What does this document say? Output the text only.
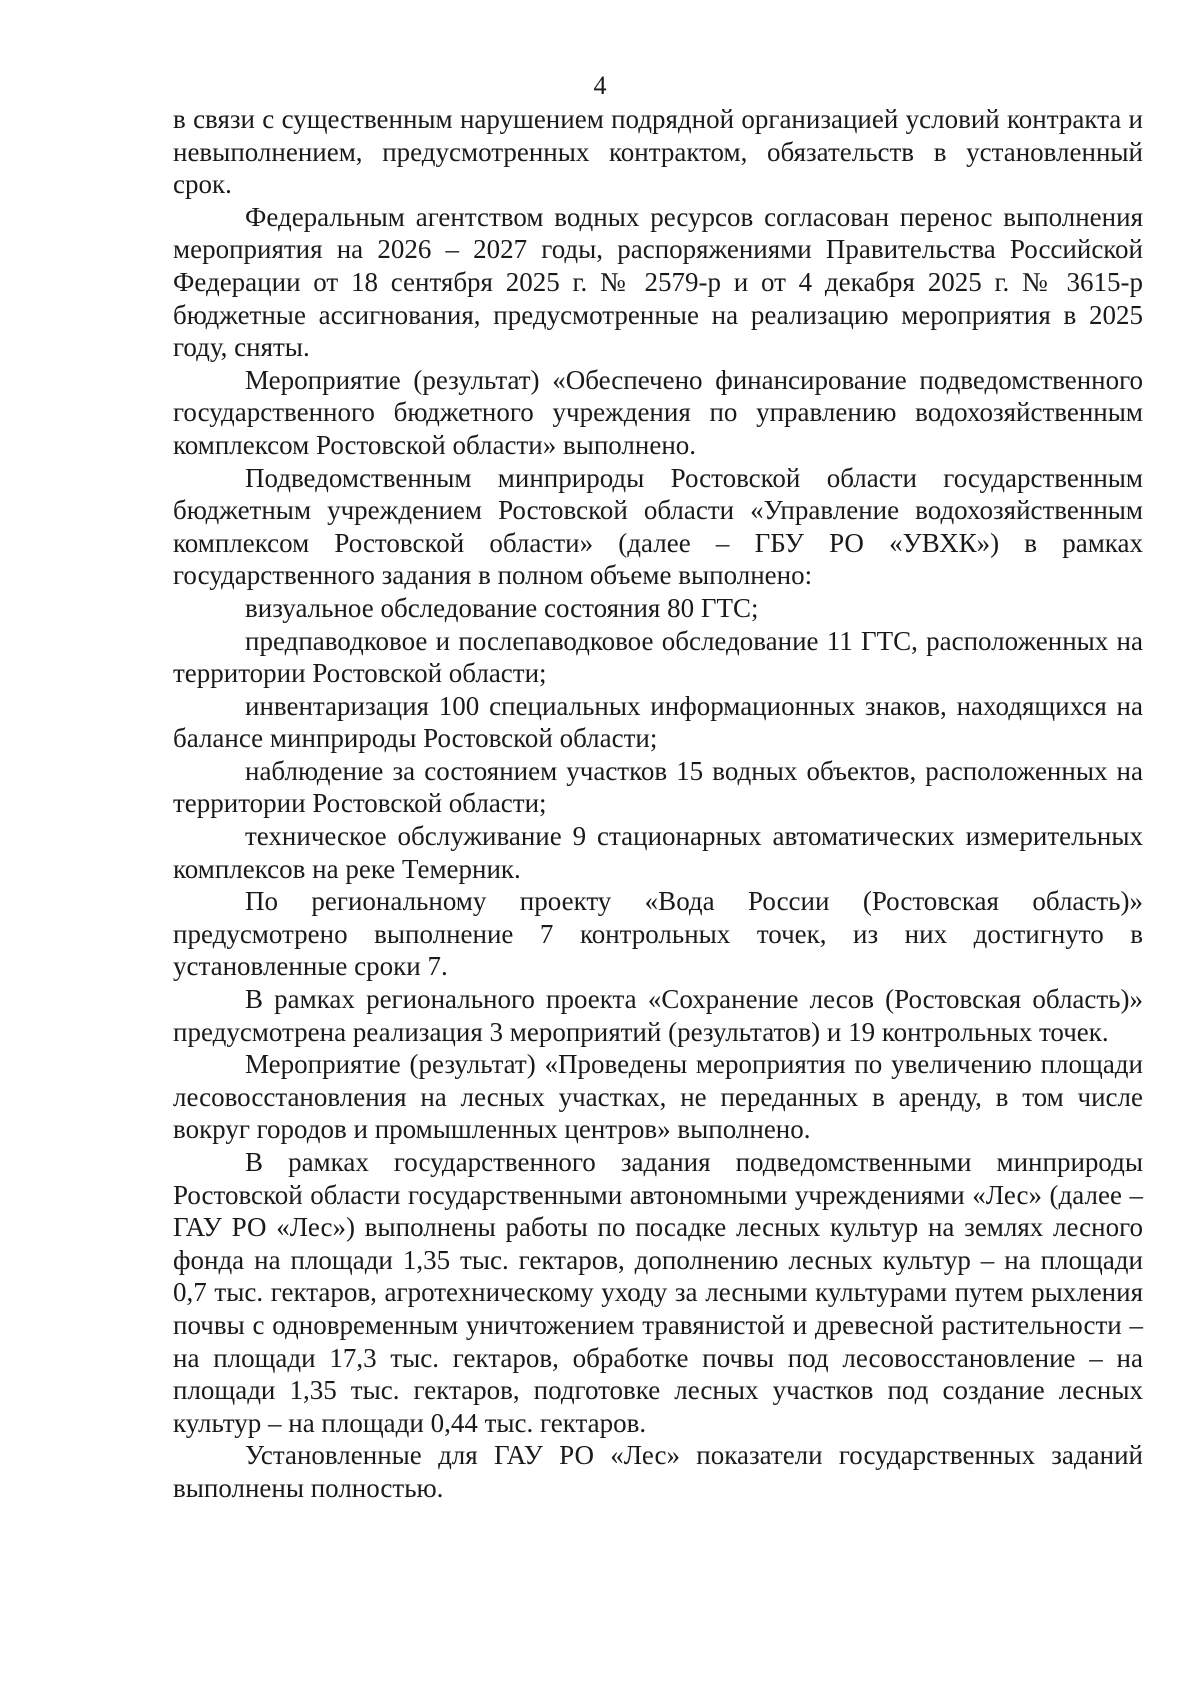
4

в связи с существенным нарушением подрядной организацией условий контракта и невыполнением, предусмотренных контрактом, обязательств в установленный срок.

Федеральным агентством водных ресурсов согласован перенос выполнения мероприятия на 2026 – 2027 годы, распоряжениями Правительства Российской Федерации от 18 сентября 2025 г. № 2579-р и от 4 декабря 2025 г. № 3615-р бюджетные ассигнования, предусмотренные на реализацию мероприятия в 2025 году, сняты.

Мероприятие (результат) «Обеспечено финансирование подведомственного государственного бюджетного учреждения по управлению водохозяйственным комплексом Ростовской области» выполнено.

Подведомственным минприроды Ростовской области государственным бюджетным учреждением Ростовской области «Управление водохозяйственным комплексом Ростовской области» (далее – ГБУ РО «УВХК») в рамках государственного задания в полном объеме выполнено:

визуальное обследование состояния 80 ГТС;

предпаводковое и послепаводковое обследование 11 ГТС, расположенных на территории Ростовской области;

инвентаризация 100 специальных информационных знаков, находящихся на балансе минприроды Ростовской области;

наблюдение за состоянием участков 15 водных объектов, расположенных на территории Ростовской области;

техническое обслуживание 9 стационарных автоматических измерительных комплексов на реке Темерник.

По региональному проекту «Вода России (Ростовская область)» предусмотрено выполнение 7 контрольных точек, из них достигнуто в установленные сроки 7.

В рамках регионального проекта «Сохранение лесов (Ростовская область)» предусмотрена реализация 3 мероприятий (результатов) и 19 контрольных точек.

Мероприятие (результат) «Проведены мероприятия по увеличению площади лесовосстановления на лесных участках, не переданных в аренду, в том числе вокруг городов и промышленных центров» выполнено.

В рамках государственного задания подведомственными минприроды Ростовской области государственными автономными учреждениями «Лес» (далее – ГАУ РО «Лес») выполнены работы по посадке лесных культур на землях лесного фонда на площади 1,35 тыс. гектаров, дополнению лесных культур – на площади 0,7 тыс. гектаров, агротехническому уходу за лесными культурами путем рыхления почвы с одновременным уничтожением травянистой и древесной растительности – на площади 17,3 тыс. гектаров, обработке почвы под лесовосстановление – на площади 1,35 тыс. гектаров, подготовке лесных участков под создание лесных культур – на площади 0,44 тыс. гектаров.

Установленные для ГАУ РО «Лес» показатели государственных заданий выполнены полностью.
